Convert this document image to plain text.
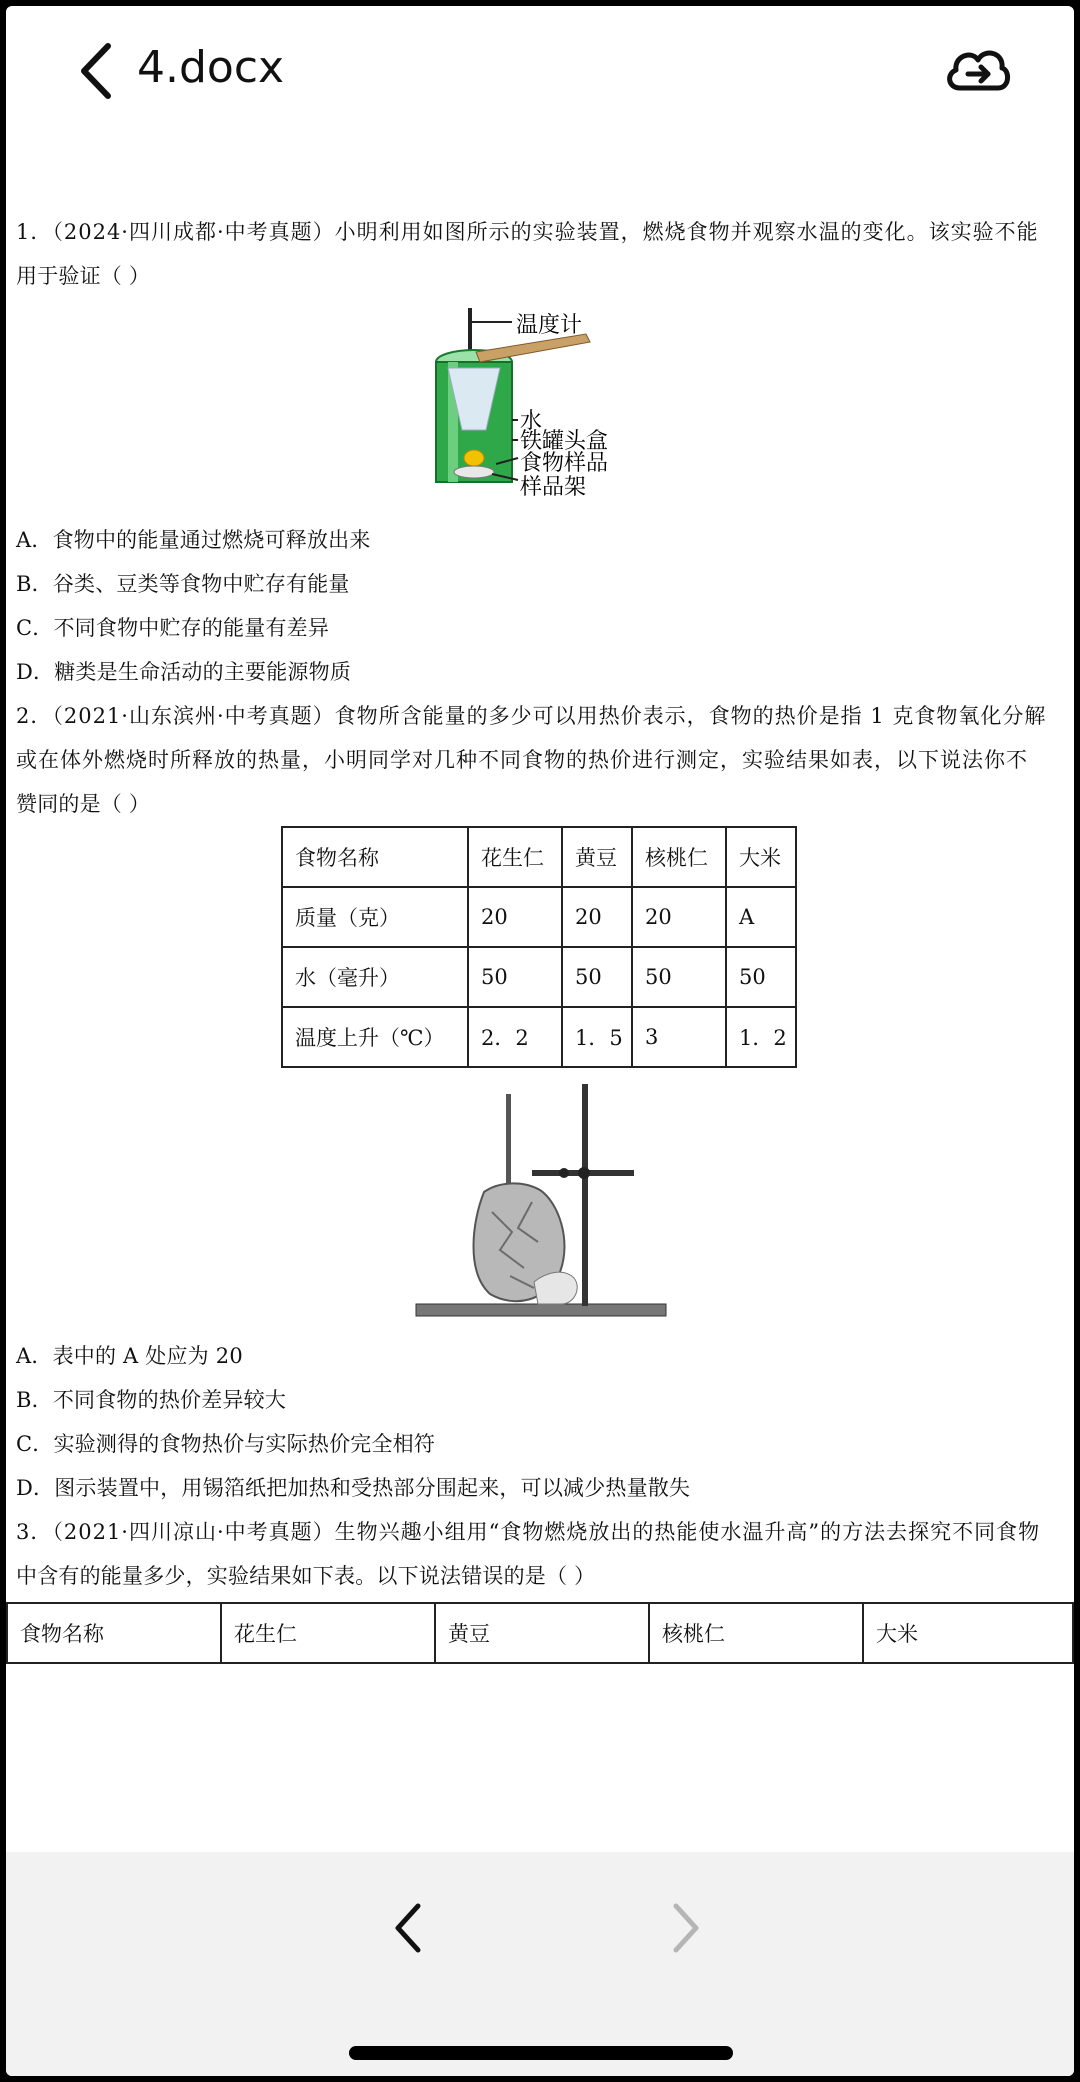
4.docx
1．（2024·四川成都·中考真题）小明利用如图所示的实验装置，燃烧食物并观察水温的变化。该实验不能
用于验证（ ）
温度计
水
铁罐头盒
食物样品
样品架
A．食物中的能量通过燃烧可释放出来
B．谷类、豆类等食物中贮存有能量
C．不同食物中贮存的能量有差异
D．糖类是生命活动的主要能源物质
2．（2021·山东滨州·中考真题）食物所含能量的多少可以用热价表示，食物的热价是指 1 克食物氧化分解
或在体外燃烧时所释放的热量，小明同学对几种不同食物的热价进行测定，实验结果如表，以下说法你不
赞同的是（ ）
食物名称	花生仁	黄豆	核桃仁	大米
质量（克）	20	20	20	A
水（毫升）	50	50	50	50
温度上升（℃）	2．2	1．5	3	1．2
A．表中的 A 处应为 20
B．不同食物的热价差异较大
C．实验测得的食物热价与实际热价完全相符
D．图示装置中，用锡箔纸把加热和受热部分围起来，可以减少热量散失
3．（2021·四川凉山·中考真题）生物兴趣小组用“食物燃烧放出的热能使水温升高”的方法去探究不同食物
中含有的能量多少，实验结果如下表。以下说法错误的是（ ）
食物名称	花生仁	黄豆	核桃仁	大米
